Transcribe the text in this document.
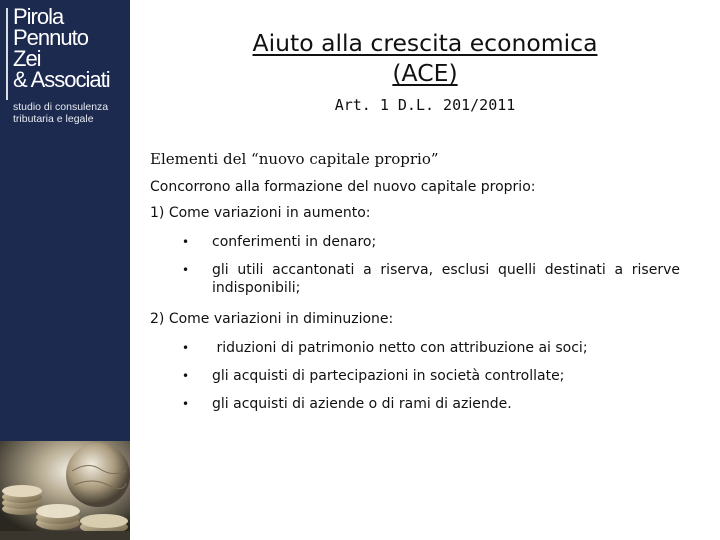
Pirola
Pennuto
Zei
& Associati
studio di consulenza
tributaria e legale
Aiuto alla crescita economica
(ACE)
Art. 1 D.L. 201/2011
Elementi del “nuovo capitale proprio”
Concorrono alla formazione del nuovo capitale proprio:
1) Come variazioni in aumento:
• conferimenti in denaro;
• gli utili accantonati a riserva, esclusi quelli destinati a riserve indisponibili;
2) Come variazioni in diminuzione:
• riduzioni di patrimonio netto con attribuzione ai soci;
• gli acquisti di partecipazioni in società controllate;
• gli acquisti di aziende o di rami di aziende.
